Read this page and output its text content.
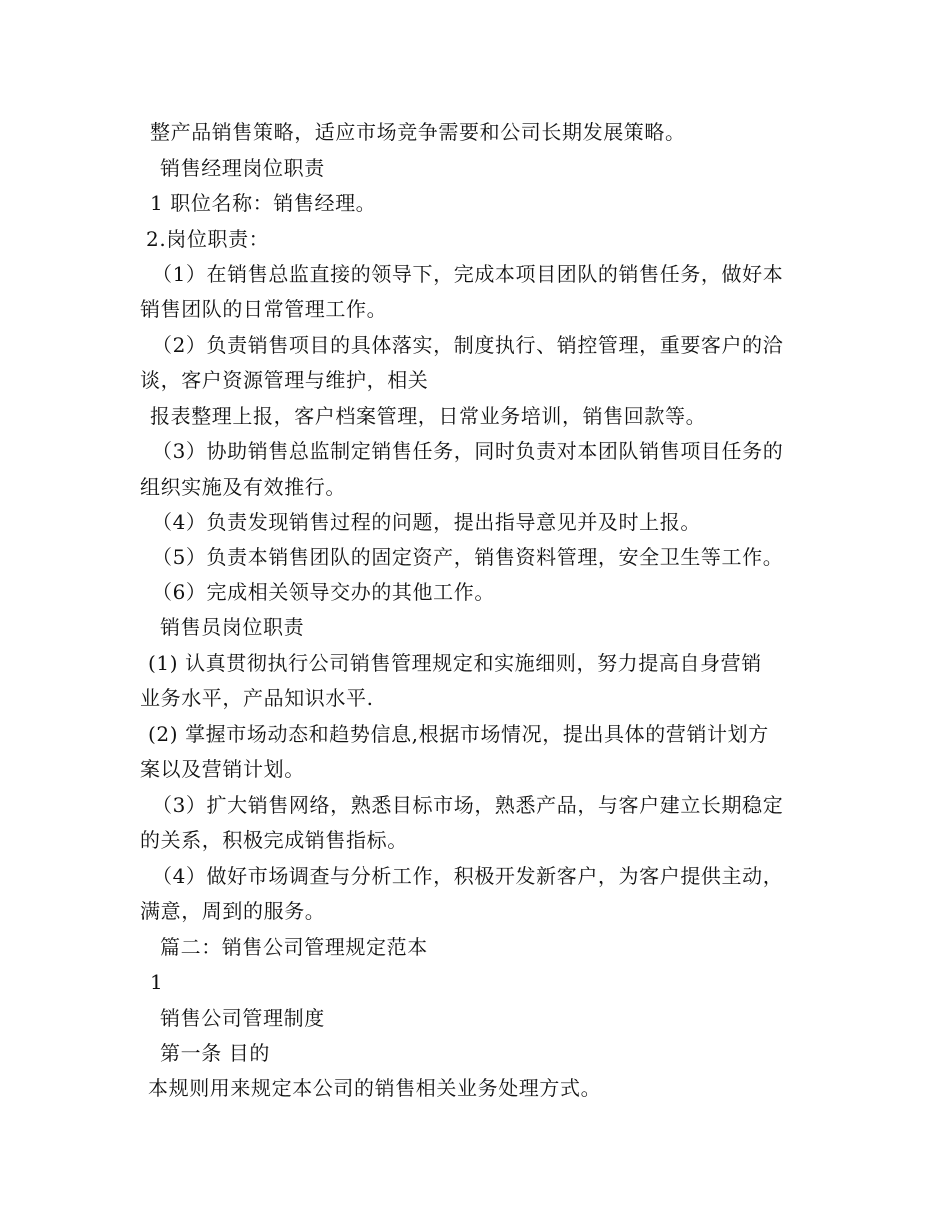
整产品销售策略，适应市场竞争需要和公司长期发展策略。

销售经理岗位职责

1 职位名称：销售经理。

2.岗位职责：

（1）在销售总监直接的领导下，完成本项目团队的销售任务，做好本

销售团队的日常管理工作。

（2）负责销售项目的具体落实，制度执行、销控管理，重要客户的洽

谈，客户资源管理与维护，相关

报表整理上报，客户档案管理，日常业务培训，销售回款等。

（3）协助销售总监制定销售任务，同时负责对本团队销售项目任务的

组织实施及有效推行。

（4）负责发现销售过程的问题，提出指导意见并及时上报。

（5）负责本销售团队的固定资产，销售资料管理，安全卫生等工作。

（6）完成相关领导交办的其他工作。

销售员岗位职责

(1) 认真贯彻执行公司销售管理规定和实施细则，努力提高自身营销

业务水平，产品知识水平.

(2) 掌握市场动态和趋势信息,根据市场情况，提出具体的营销计划方

案以及营销计划。

（3）扩大销售网络，熟悉目标市场，熟悉产品，与客户建立长期稳定

的关系，积极完成销售指标。

（4）做好市场调查与分析工作，积极开发新客户，为客户提供主动，

满意，周到的服务。

篇二：销售公司管理规定范本

1

销售公司管理制度

第一条 目的

本规则用来规定本公司的销售相关业务处理方式。
